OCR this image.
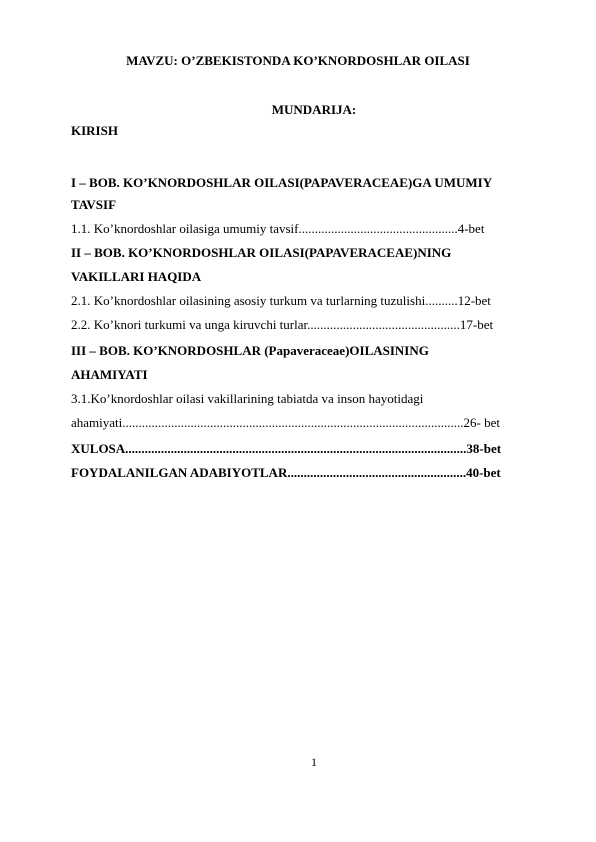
MAVZU: O’ZBEKISTONDA KO’KNORDOSHLAR OILASI
MUNDARIJA:
KIRISH
I – BOB. KO’KNORDOSHLAR OILASI(PAPAVERACEAE)GA UMUMIY
TAVSIF
1.1. Ko’knordoshlar oilasiga umumiy tavsif.................................................4-bet
II – BOB. KO’KNORDOSHLAR OILASI(PAPAVERACEAE)NING
VAKILLARI HAQIDA
2.1. Ko’knordoshlar oilasining asosiy turkum va turlarning tuzulishi..........12-bet
2.2. Ko’knori turkumi va unga kiruvchi turlar...............................................17-bet
III – BOB. KO’KNORDOSHLAR (Papaveraceae)OILASINING
AHAMIYATI
3.1.Ko’knordoshlar oilasi vakillarining tabiatda va inson hayotidagi
ahamiyati.........................................................................................................26- bet
XULOSA.........................................................................................................38-bet
FOYDALANILGAN ADABIYOTLAR.......................................................40-bet
1
